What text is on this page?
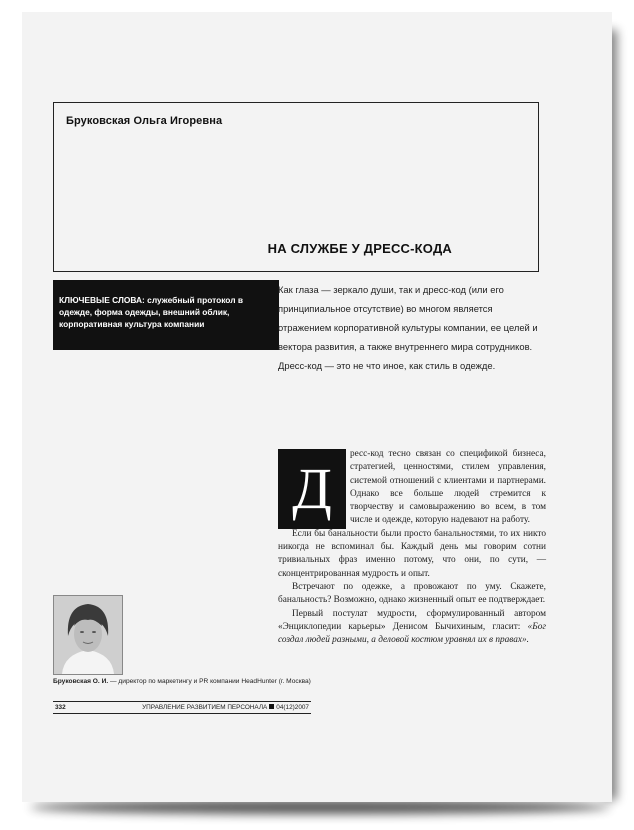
Бруковская Ольга Игоревна
НА СЛУЖБЕ У ДРЕСС-КОДА
КЛЮЧЕВЫЕ СЛОВА: служебный протокол в одежде, форма одежды, внешний облик, корпоративная культура компании
Как глаза — зеркало души, так и дресс-код (или его принципиальное отсутствие) во многом является отражением корпоративной культуры компании, ее целей и вектора развития, а также внутреннего мира сотрудников. Дресс-код — это не что иное, как стиль в одежде.
Д

ресс-код тесно связан со спецификой бизнеса, стратегией, ценностями, стилем управления, системой отношений с клиентами и партнерами. Однако все больше людей стремится к творчеству и самовыражению во всем, в том числе и одежде, которую надевают на работу.

Если бы банальности были просто банальностями, то их никто никогда не вспоминал бы. Каждый день мы говорим сотни тривиальных фраз именно потому, что они, по сути, — сконцентрированная мудрость и опыт.

Встречают по одежке, а провожают по уму. Скажете, банальность? Возможно, однако жизненный опыт ее подтверждает.

Первый постулат мудрости, сформулированный автором «Энциклопедии карьеры» Денисом Бычихиным, гласит: «Бог создал людей разными, а деловой костюм уравнял их в правах».

Бруковская О. И. — директор по маркетингу и PR компании HeadHunter (г. Москва)
332	УПРАВЛЕНИЕ РАЗВИТИЕМ ПЕРСОНАЛА 04(12)2007
